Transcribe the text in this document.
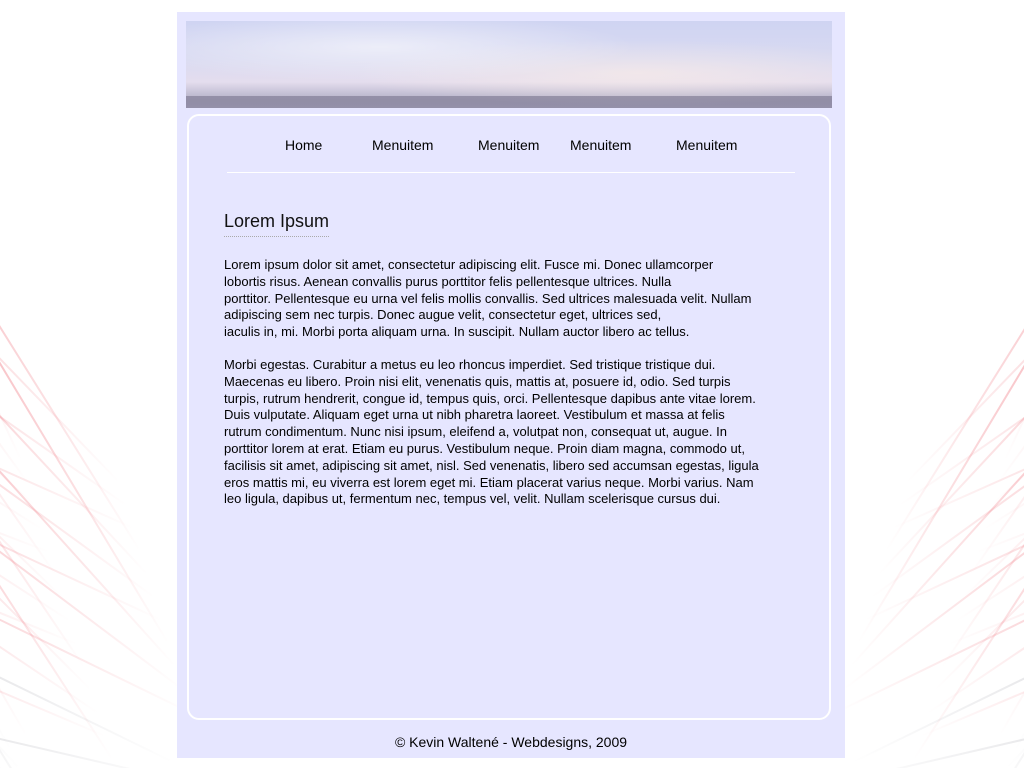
Home	Menuitem	Menuitem Menuitem	Menuitem
Lorem Ipsum

Lorem ipsum dolor sit amet, consectetur adipiscing elit. Fusce mi. Donec ullamcorper
lobortis risus. Aenean convallis purus porttitor felis pellentesque ultrices. Nulla
porttitor. Pellentesque eu urna vel felis mollis convallis. Sed ultrices malesuada velit. Nullam
adipiscing sem nec turpis. Donec augue velit, consectetur eget, ultrices sed,
iaculis in, mi. Morbi porta aliquam urna. In suscipit. Nullam auctor libero ac tellus.

Morbi egestas. Curabitur a metus eu leo rhoncus imperdiet. Sed tristique tristique dui.
Maecenas eu libero. Proin nisi elit, venenatis quis, mattis at, posuere id, odio. Sed turpis
turpis, rutrum hendrerit, congue id, tempus quis, orci. Pellentesque dapibus ante vitae lorem.
Duis vulputate. Aliquam eget urna ut nibh pharetra laoreet. Vestibulum et massa at felis
rutrum condimentum. Nunc nisi ipsum, eleifend a, volutpat non, consequat ut, augue. In
porttitor lorem at erat. Etiam eu purus. Vestibulum neque. Proin diam magna, commodo ut,
facilisis sit amet, adipiscing sit amet, nisl. Sed venenatis, libero sed accumsan egestas, ligula
eros mattis mi, eu viverra est lorem eget mi. Etiam placerat varius neque. Morbi varius. Nam
leo ligula, dapibus ut, fermentum nec, tempus vel, velit. Nullam scelerisque cursus dui.

© Kevin Waltené - Webdesigns, 2009
